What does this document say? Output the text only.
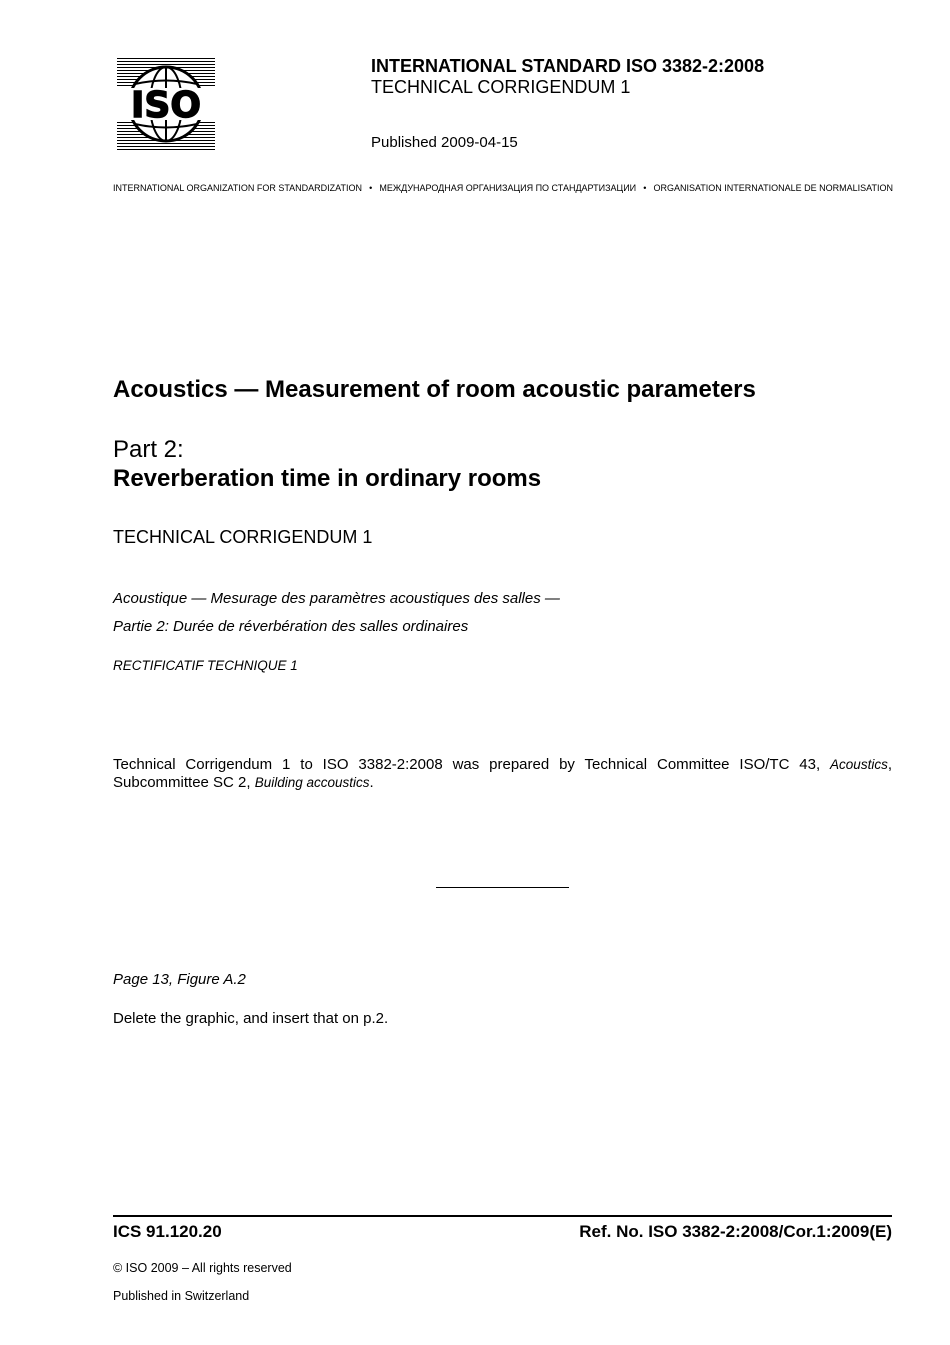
ISO
INTERNATIONAL STANDARD ISO 3382-2:2008
TECHNICAL CORRIGENDUM 1
Published 2009-04-15
INTERNATIONAL ORGANIZATION FOR STANDARDIZATION • МЕЖДУНАРОДНАЯ ОРГАНИЗАЦИЯ ПО СТАНДАРТИЗАЦИИ • ORGANISATION INTERNATIONALE DE NORMALISATION
Acoustics — Measurement of room acoustic parameters
Part 2:
Reverberation time in ordinary rooms
TECHNICAL CORRIGENDUM 1
Acoustique — Mesurage des paramètres acoustiques des salles —
Partie 2: Durée de réverbération des salles ordinaires
RECTIFICATIF TECHNIQUE 1
Technical Corrigendum 1 to ISO 3382-2:2008 was prepared by Technical Committee ISO/TC 43, Acoustics, Subcommittee SC 2, Building accoustics.
Page 13, Figure A.2
Delete the graphic, and insert that on p.2.
ICS 91.120.20	Ref. No. ISO 3382-2:2008/Cor.1:2009(E)
© ISO 2009 – All rights reserved
Published in Switzerland
